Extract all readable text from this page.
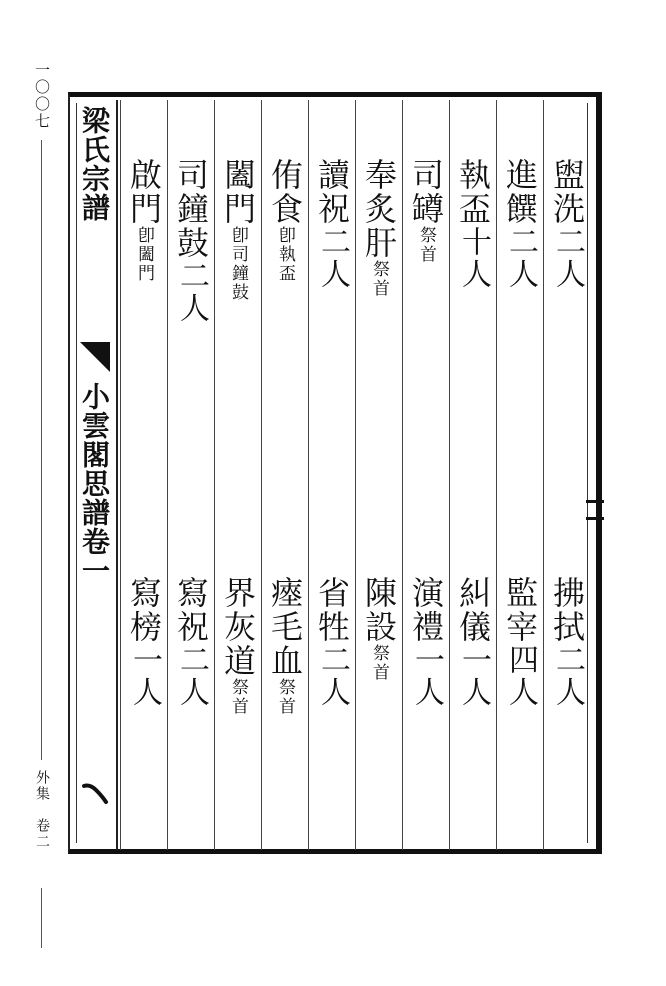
一〇〇七
外集　卷二
梁氏宗譜
小雲閣思譜卷一
盥洗二人
拂拭二人
進饌二人
監宰四人
執盃十人
糾儀一人
司罇祭首
演禮一人
奉炙肝祭首
陳設祭首
讀祝二人
省牲二人
侑食卽執盃
瘞毛血祭首
闔門卽司鐘鼓
界灰道祭首
司鐘鼓二人
寫祝二人
啟門卽闔門
寫榜一人
